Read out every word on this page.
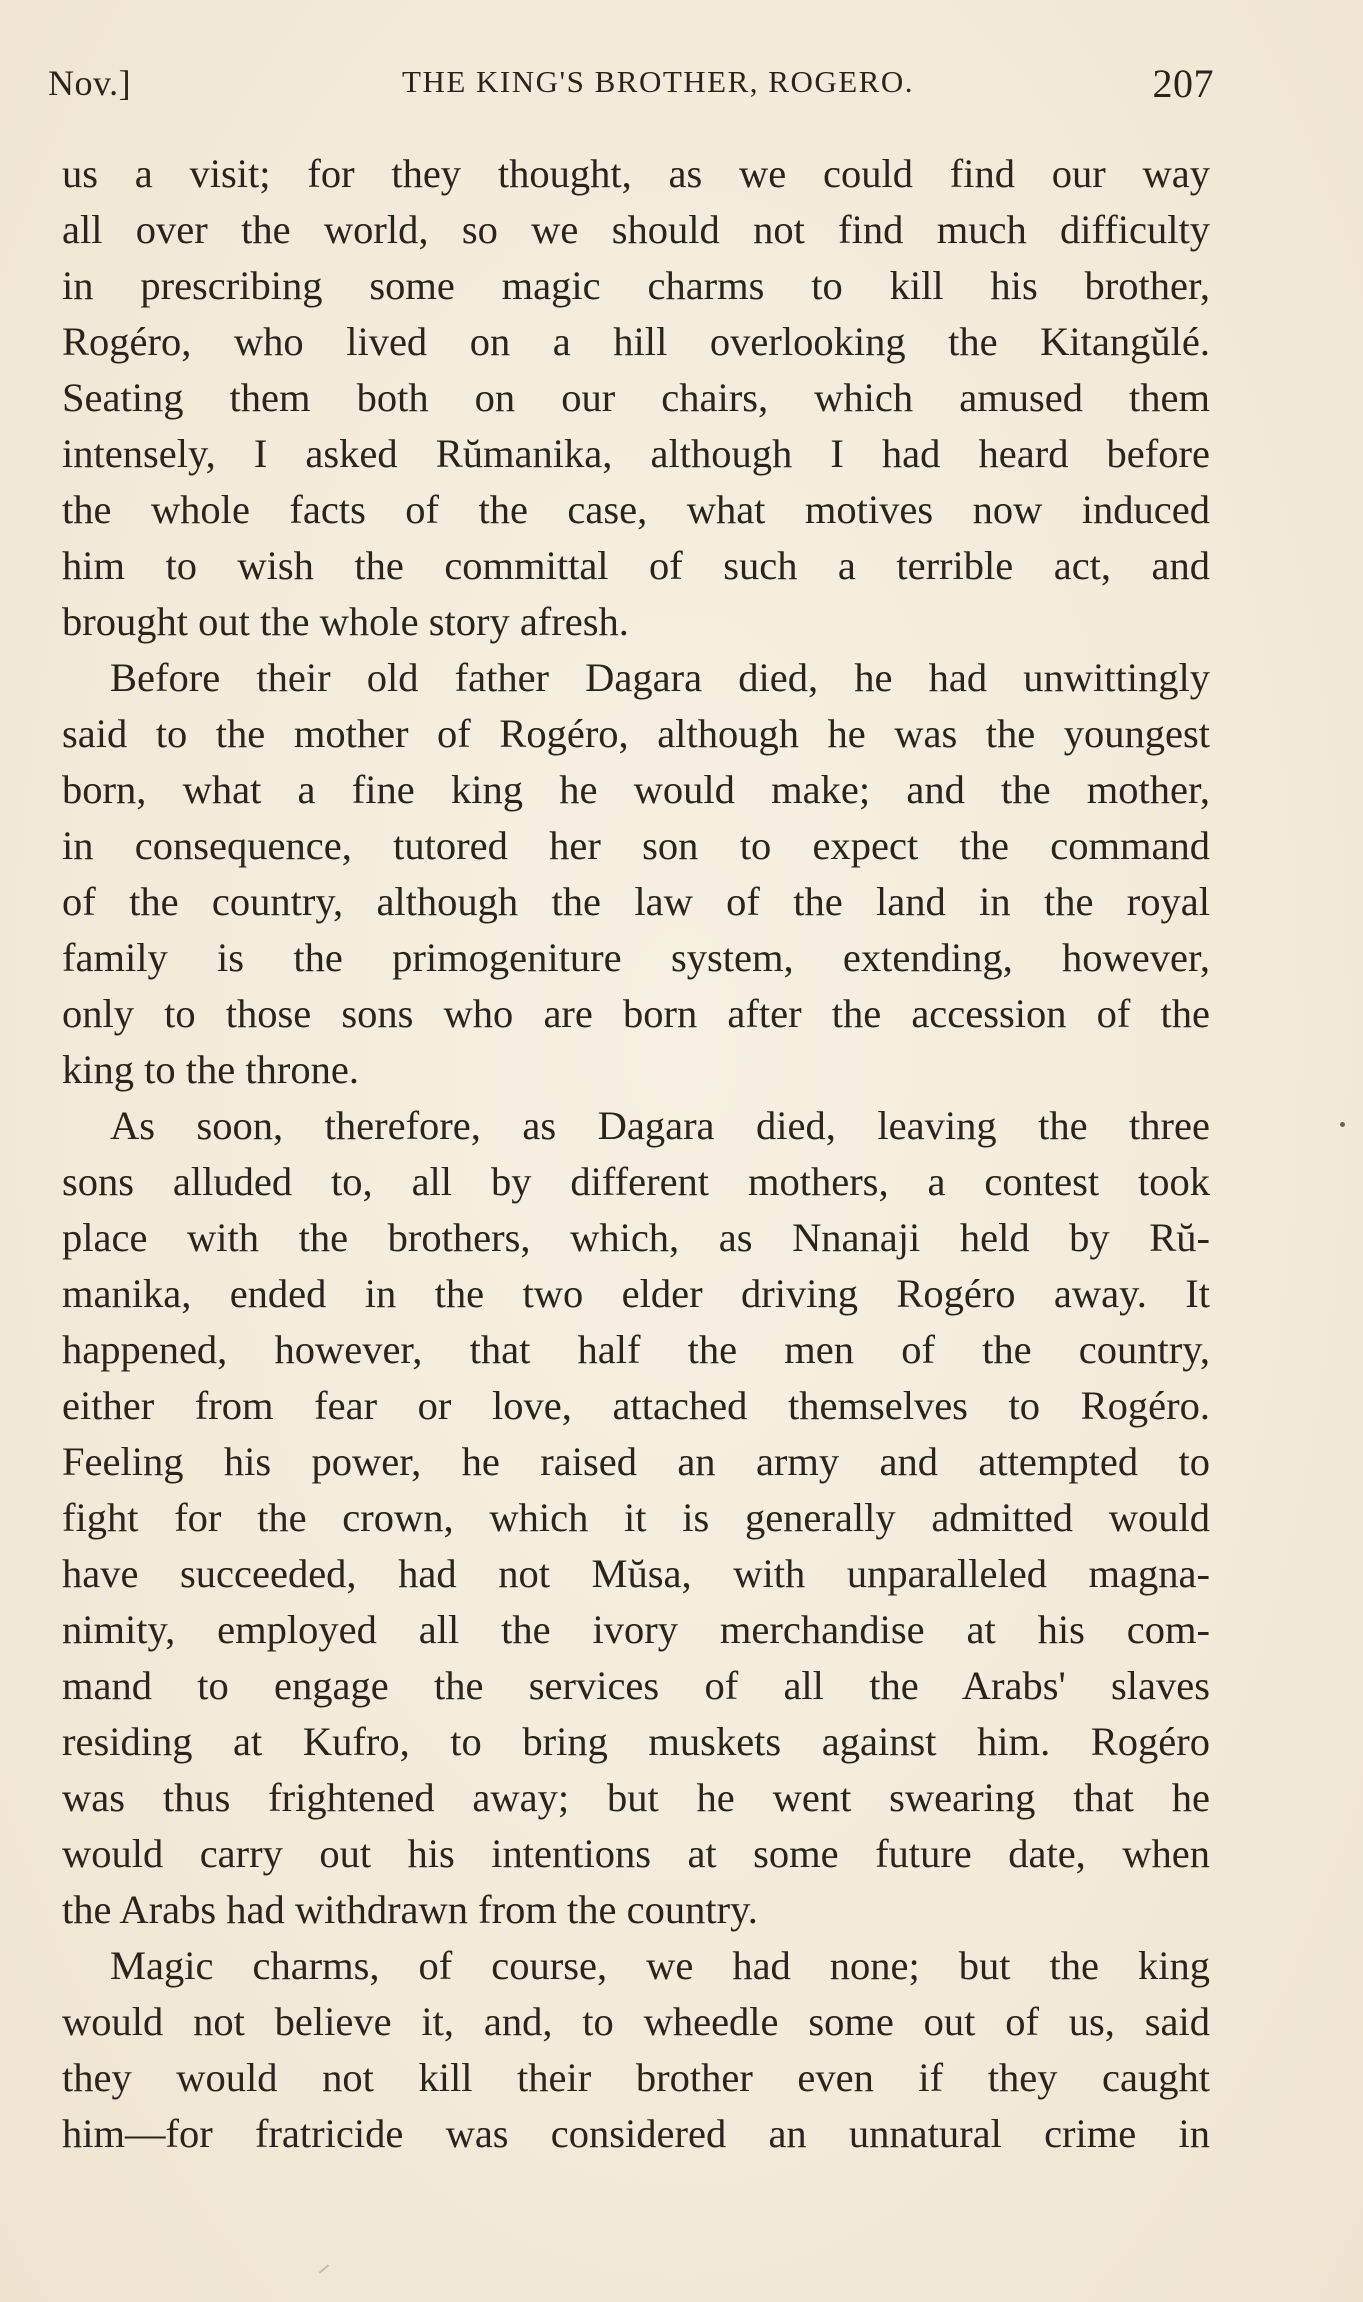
Nov.]	THE KING'S BROTHER, ROGERO.	207
us a visit; for they thought, as we could find our way
all over the world, so we should not find much difficulty
in prescribing some magic charms to kill his brother,
Rogéro, who lived on a hill overlooking the Kitangŭlé.
Seating them both on our chairs, which amused them
intensely, I asked Rŭmanika, although I had heard before
the whole facts of the case, what motives now induced
him to wish the committal of such a terrible act, and
brought out the whole story afresh.
Before their old father Dagara died, he had unwittingly
said to the mother of Rogéro, although he was the youngest
born, what a fine king he would make; and the mother,
in consequence, tutored her son to expect the command
of the country, although the law of the land in the royal
family is the primogeniture system, extending, however,
only to those sons who are born after the accession of the
king to the throne.
As soon, therefore, as Dagara died, leaving the three
sons alluded to, all by different mothers, a contest took
place with the brothers, which, as Nnanaji held by Rŭ-
manika, ended in the two elder driving Rogéro away. It
happened, however, that half the men of the country,
either from fear or love, attached themselves to Rogéro.
Feeling his power, he raised an army and attempted to
fight for the crown, which it is generally admitted would
have succeeded, had not Mŭsa, with unparalleled magna-
nimity, employed all the ivory merchandise at his com-
mand to engage the services of all the Arabs' slaves
residing at Kufro, to bring muskets against him. Rogéro
was thus frightened away; but he went swearing that he
would carry out his intentions at some future date, when
the Arabs had withdrawn from the country.
Magic charms, of course, we had none; but the king
would not believe it, and, to wheedle some out of us, said
they would not kill their brother even if they caught
him—for fratricide was considered an unnatural crime in
